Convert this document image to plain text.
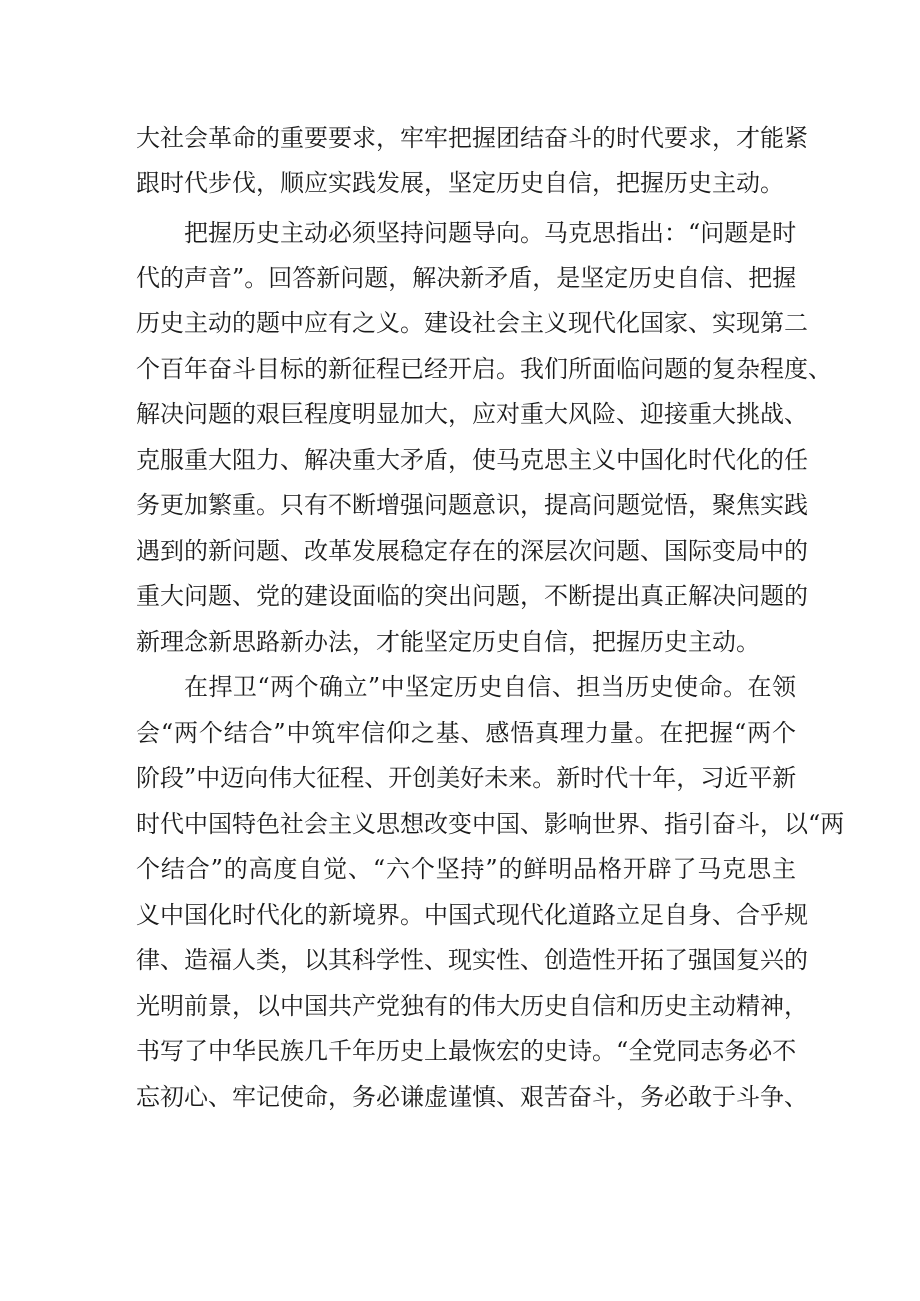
大社会革命的重要要求，牢牢把握团结奋斗的时代要求，才能紧
跟时代步伐，顺应实践发展，坚定历史自信，把握历史主动。
把握历史主动必须坚持问题导向。马克思指出：“问题是时
代的声音”。回答新问题，解决新矛盾，是坚定历史自信、把握
历史主动的题中应有之义。建设社会主义现代化国家、实现第二
个百年奋斗目标的新征程已经开启。我们所面临问题的复杂程度、
解决问题的艰巨程度明显加大，应对重大风险、迎接重大挑战、
克服重大阻力、解决重大矛盾，使马克思主义中国化时代化的任
务更加繁重。只有不断增强问题意识，提高问题觉悟，聚焦实践
遇到的新问题、改革发展稳定存在的深层次问题、国际变局中的
重大问题、党的建设面临的突出问题，不断提出真正解决问题的
新理念新思路新办法，才能坚定历史自信，把握历史主动。
在捍卫“两个确立”中坚定历史自信、担当历史使命。在领
会“两个结合”中筑牢信仰之基、感悟真理力量。在把握“两个
阶段”中迈向伟大征程、开创美好未来。新时代十年，习近平新
时代中国特色社会主义思想改变中国、影响世界、指引奋斗，以“两
个结合”的高度自觉、“六个坚持”的鲜明品格开辟了马克思主
义中国化时代化的新境界。中国式现代化道路立足自身、合乎规
律、造福人类，以其科学性、现实性、创造性开拓了强国复兴的
光明前景，以中国共产党独有的伟大历史自信和历史主动精神，
书写了中华民族几千年历史上最恢宏的史诗。“全党同志务必不
忘初心、牢记使命，务必谦虚谨慎、艰苦奋斗，务必敢于斗争、
